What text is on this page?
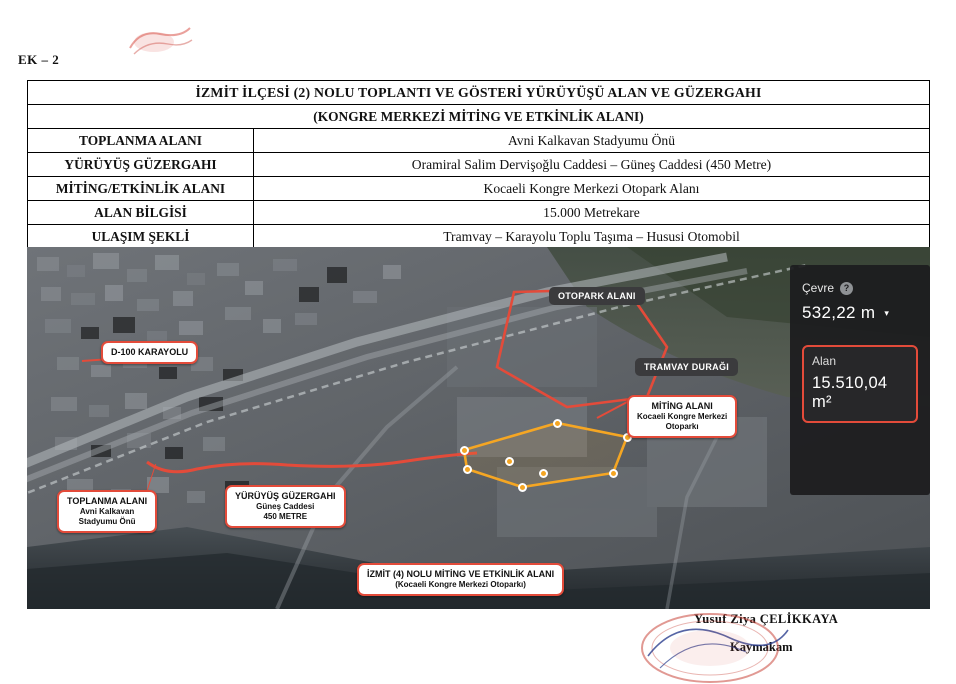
EK – 2
İZMİT İLÇESİ (2) NOLU TOPLANTI VE GÖSTERİ YÜRÜYÜŞÜ ALAN VE GÜZERGAHI	
(KONGRE MERKEZİ MİTİNG VE ETKİNLİK ALANI)	
TOPLANMA ALANI	Avni Kalkavan Stadyumu Önü
YÜRÜYÜŞ GÜZERGAHI	Oramiral Salim Dervişoğlu Caddesi – Güneş Caddesi (450 Metre)
MİTİNG/ETKİNLİK ALANI	Kocaeli Kongre Merkezi Otopark Alanı
ALAN BİLGİSİ	15.000 Metrekare
ULAŞIM ŞEKLİ	Tramvay – Karayolu Toplu Taşıma – Hususi Otomobil
OTOPARK ALANI
TRAMVAY DURAĞI
D-100 KARAYOLU
MİTİNG ALANI
Kocaeli Kongre Merkezi
Otoparkı
TOPLANMA ALANI
Avni Kalkavan
Stadyumu Önü
YÜRÜYÜŞ GÜZERGAHI
Güneş Caddesi
450 METRE
İZMİT (4) NOLU MİTİNG VE ETKİNLİK ALANI
(Kocaeli Kongre Merkezi Otoparkı)
Çevre	?
532,22 m ▾
Alan
15.510,04 m²
Yusuf Ziya ÇELİKKAYA
Kaymakam
